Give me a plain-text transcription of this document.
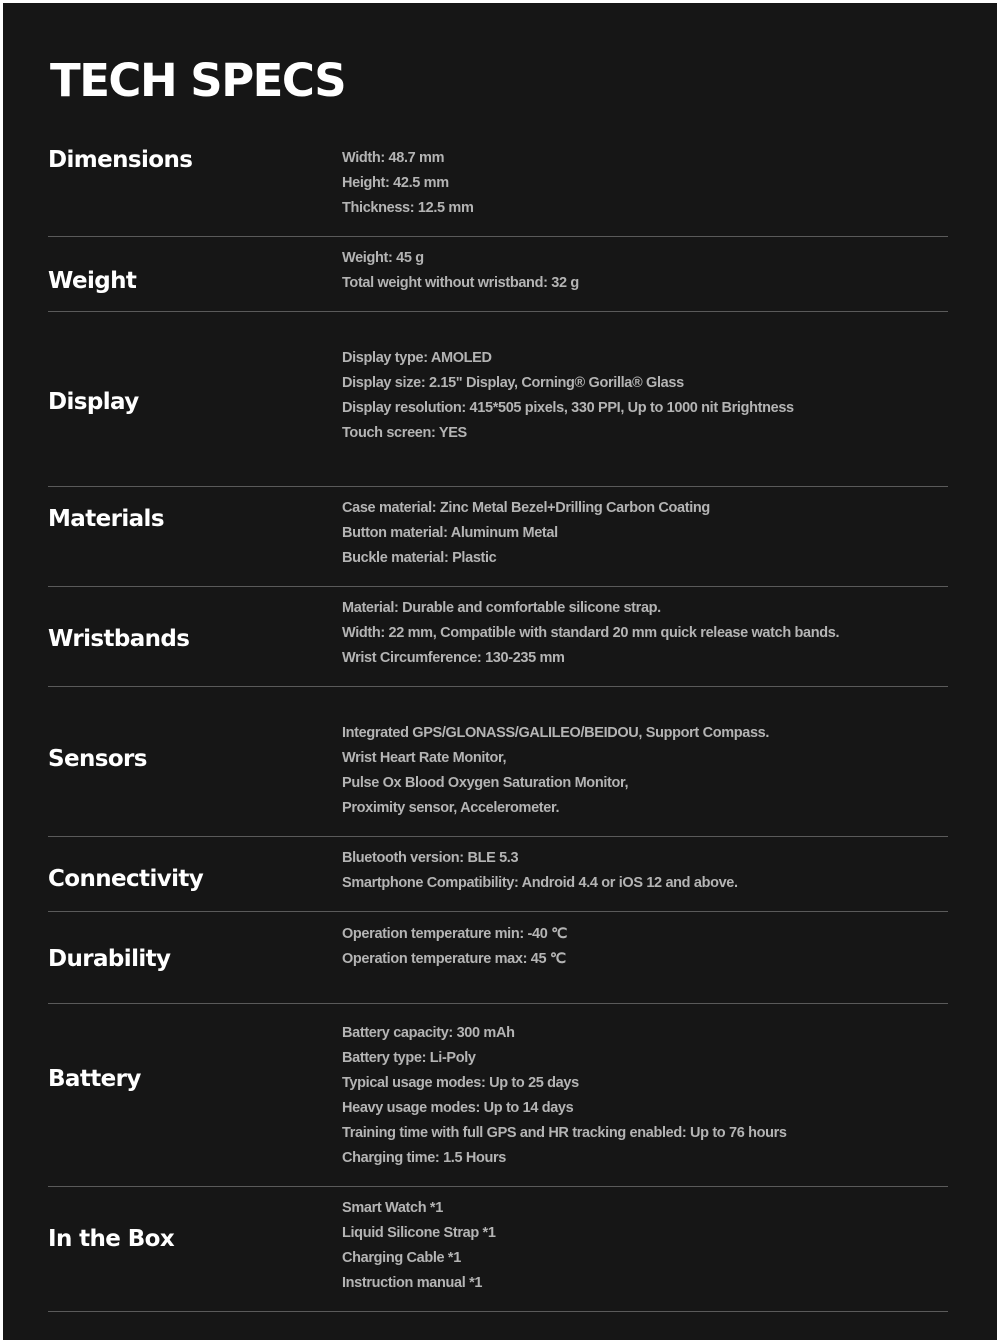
TECH SPECS
Dimensions	Width: 48.7 mm
Height: 42.5 mm
Thickness: 12.5 mm
Weight
Weight: 45 g
Total weight without wristband: 32 g
Display
Display type: AMOLED
Display size: 2.15" Display, Corning® Gorilla® Glass
Display resolution: 415*505 pixels, 330 PPI, Up to 1000 nit Brightness
Touch screen: YES
Materials	Case material: Zinc Metal Bezel+Drilling Carbon Coating
Button material: Aluminum Metal
Buckle material: Plastic
Wristbands
Material: Durable and comfortable silicone strap.
Width: 22 mm, Compatible with standard 20 mm quick release watch bands.
Wrist Circumference: 130-235 mm
Sensors
Integrated GPS/GLONASS/GALILEO/BEIDOU, Support Compass.
Wrist Heart Rate Monitor,
Pulse Ox Blood Oxygen Saturation Monitor,
Proximity sensor, Accelerometer.
Connectivity
Bluetooth version: BLE 5.3
Smartphone Compatibility: Android 4.4 or iOS 12 and above.
Durability
Operation temperature min: -40 ℃
Operation temperature max: 45 ℃
Battery
Battery capacity: 300 mAh
Battery type: Li-Poly
Typical usage modes: Up to 25 days
Heavy usage modes: Up to 14 days
Training time with full GPS and HR tracking enabled: Up to 76 hours
Charging time: 1.5 Hours
In the Box
Smart Watch *1
Liquid Silicone Strap *1
Charging Cable *1
Instruction manual *1
